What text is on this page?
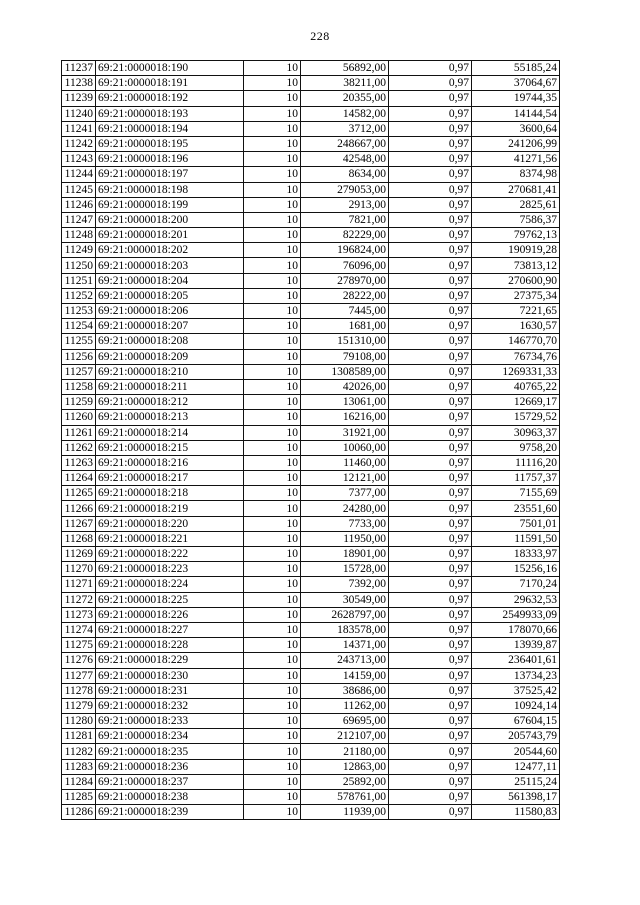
228
11237	69:21:0000018:190	10	56892,00	0,97	55185,24
11238	69:21:0000018:191	10	38211,00	0,97	37064,67
11239	69:21:0000018:192	10	20355,00	0,97	19744,35
11240	69:21:0000018:193	10	14582,00	0,97	14144,54
11241	69:21:0000018:194	10	3712,00	0,97	3600,64
11242	69:21:0000018:195	10	248667,00	0,97	241206,99
11243	69:21:0000018:196	10	42548,00	0,97	41271,56
11244	69:21:0000018:197	10	8634,00	0,97	8374,98
11245	69:21:0000018:198	10	279053,00	0,97	270681,41
11246	69:21:0000018:199	10	2913,00	0,97	2825,61
11247	69:21:0000018:200	10	7821,00	0,97	7586,37
11248	69:21:0000018:201	10	82229,00	0,97	79762,13
11249	69:21:0000018:202	10	196824,00	0,97	190919,28
11250	69:21:0000018:203	10	76096,00	0,97	73813,12
11251	69:21:0000018:204	10	278970,00	0,97	270600,90
11252	69:21:0000018:205	10	28222,00	0,97	27375,34
11253	69:21:0000018:206	10	7445,00	0,97	7221,65
11254	69:21:0000018:207	10	1681,00	0,97	1630,57
11255	69:21:0000018:208	10	151310,00	0,97	146770,70
11256	69:21:0000018:209	10	79108,00	0,97	76734,76
11257	69:21:0000018:210	10	1308589,00	0,97	1269331,33
11258	69:21:0000018:211	10	42026,00	0,97	40765,22
11259	69:21:0000018:212	10	13061,00	0,97	12669,17
11260	69:21:0000018:213	10	16216,00	0,97	15729,52
11261	69:21:0000018:214	10	31921,00	0,97	30963,37
11262	69:21:0000018:215	10	10060,00	0,97	9758,20
11263	69:21:0000018:216	10	11460,00	0,97	11116,20
11264	69:21:0000018:217	10	12121,00	0,97	11757,37
11265	69:21:0000018:218	10	7377,00	0,97	7155,69
11266	69:21:0000018:219	10	24280,00	0,97	23551,60
11267	69:21:0000018:220	10	7733,00	0,97	7501,01
11268	69:21:0000018:221	10	11950,00	0,97	11591,50
11269	69:21:0000018:222	10	18901,00	0,97	18333,97
11270	69:21:0000018:223	10	15728,00	0,97	15256,16
11271	69:21:0000018:224	10	7392,00	0,97	7170,24
11272	69:21:0000018:225	10	30549,00	0,97	29632,53
11273	69:21:0000018:226	10	2628797,00	0,97	2549933,09
11274	69:21:0000018:227	10	183578,00	0,97	178070,66
11275	69:21:0000018:228	10	14371,00	0,97	13939,87
11276	69:21:0000018:229	10	243713,00	0,97	236401,61
11277	69:21:0000018:230	10	14159,00	0,97	13734,23
11278	69:21:0000018:231	10	38686,00	0,97	37525,42
11279	69:21:0000018:232	10	11262,00	0,97	10924,14
11280	69:21:0000018:233	10	69695,00	0,97	67604,15
11281	69:21:0000018:234	10	212107,00	0,97	205743,79
11282	69:21:0000018:235	10	21180,00	0,97	20544,60
11283	69:21:0000018:236	10	12863,00	0,97	12477,11
11284	69:21:0000018:237	10	25892,00	0,97	25115,24
11285	69:21:0000018:238	10	578761,00	0,97	561398,17
11286	69:21:0000018:239	10	11939,00	0,97	11580,83
